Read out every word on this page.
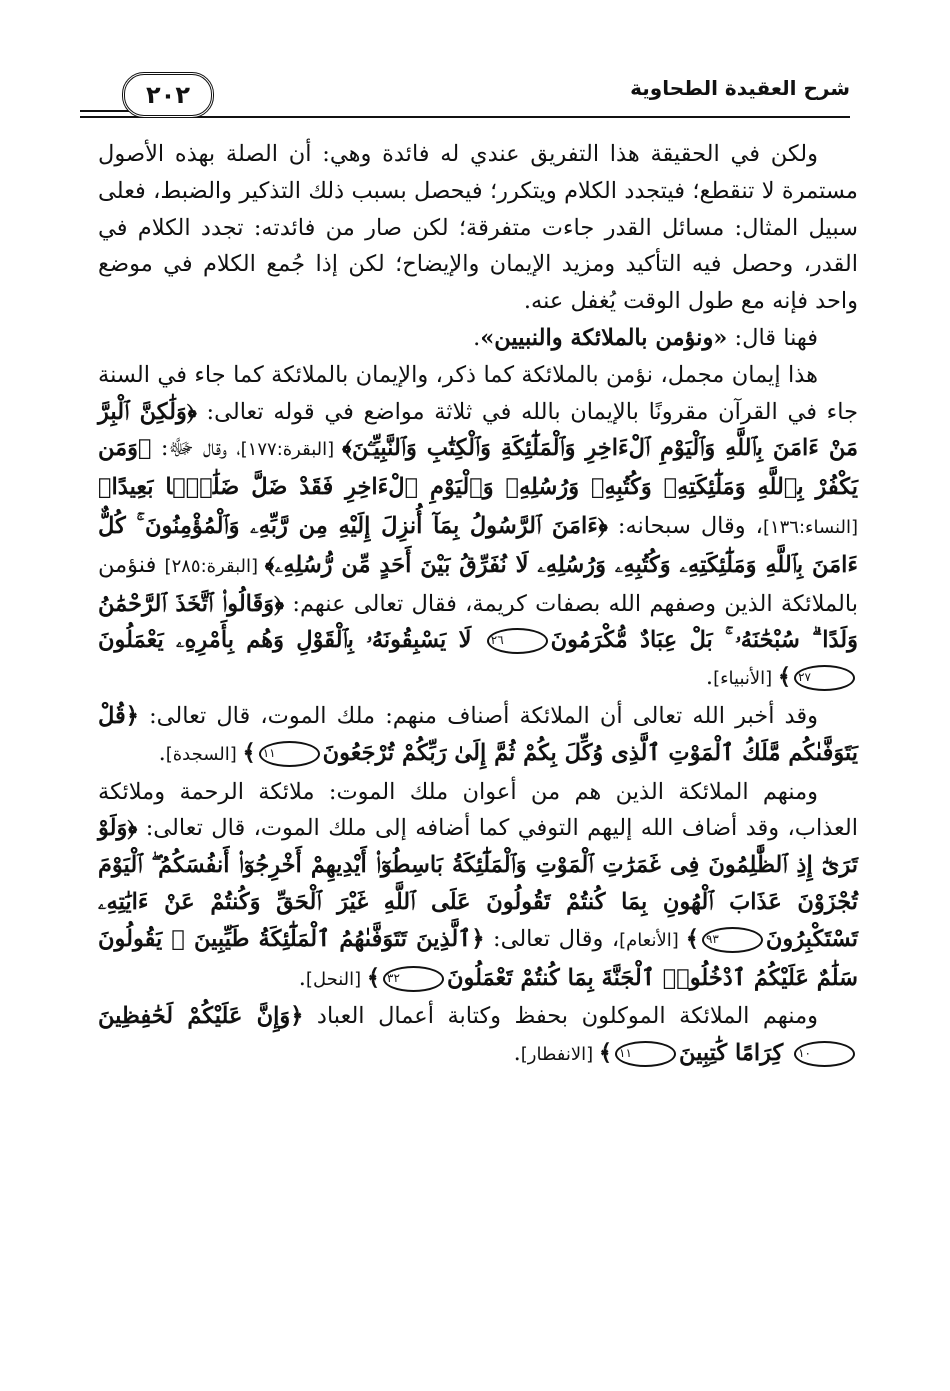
شرح العقيدة الطحاوية
٢٠٢

ولكن في الحقيقة هذا التفريق عندي له فائدة وهي: أن الصلة بهذه الأصول مستمرة لا تنقطع؛ فيتجدد الكلام ويتكرر؛ فيحصل بسبب ذلك التذكير والضبط، فعلى سبيل المثال: مسائل القدر جاءت متفرقة؛ لكن صار من فائدته: تجدد الكلام في القدر، وحصل فيه التأكيد ومزيد الإيمان والإيضاح؛ لكن إذا جُمع الكلام في موضع واحد فإنه مع طول الوقت يُغفل عنه.

فهنا قال: «ونؤمن بالملائكة والنبيين».

هذا إيمان مجمل، نؤمن بالملائكة كما ذكر، والإيمان بالملائكة كما جاء في السنة جاء في القرآن مقرونًا بالإيمان بالله في ثلاثة مواضع في قوله تعالى: ﴿وَلَٰكِنَّ ٱلْبِرَّ مَنْ ءَامَنَ بِٱللَّهِ وَٱلْيَوْمِ ٱلْءَاخِرِ وَٱلْمَلَٰٓئِكَةِ وَٱلْكِتَٰبِ وَٱلنَّبِيِّـۧنَ﴾ [البقرة:١٧٧]، وقال ﷻ: ﴿وَمَن يَكْفُرْ بِٱللَّهِ وَمَلَٰٓئِكَتِهِۦ وَكُتُبِهِۦ وَرُسُلِهِۦ وَٱلْيَوْمِ ٱلْءَاخِرِ فَقَدْ ضَلَّ ضَلَٰلًۢا بَعِيدًا﴾ [النساء:١٣٦]، وقال سبحانه: ﴿ءَامَنَ ٱلرَّسُولُ بِمَآ أُنزِلَ إِلَيْهِ مِن رَّبِّهِۦ وَٱلْمُؤْمِنُونَ ۚ كُلٌّ ءَامَنَ بِٱللَّهِ وَمَلَٰٓئِكَتِهِۦ وَكُتُبِهِۦ وَرُسُلِهِۦ لَا نُفَرِّقُ بَيْنَ أَحَدٍ مِّن رُّسُلِهِۦ﴾ [البقرة:٢٨٥] فنؤمن بالملائكة الذين وصفهم الله بصفات كريمة، فقال تعالى عنهم: ﴿وَقَالُوا۟ ٱتَّخَذَ ٱلرَّحْمَٰنُ وَلَدًا ۗ سُبْحَٰنَهُۥ ۚ بَلْ عِبَادٌ مُّكْرَمُونَ٢٦ لَا يَسْبِقُونَهُۥ بِٱلْقَوْلِ وَهُم بِأَمْرِهِۦ يَعْمَلُونَ٢٧﴾ [الأنبياء].

وقد أخبر الله تعالى أن الملائكة أصناف منهم: ملك الموت، قال تعالى: ﴿قُلْ يَتَوَفَّىٰكُم مَّلَكُ ٱلْمَوْتِ ٱلَّذِى وُكِّلَ بِكُمْ ثُمَّ إِلَىٰ رَبِّكُمْ تُرْجَعُونَ١١﴾ [السجدة].

ومنهم الملائكة الذين هم من أعوان ملك الموت: ملائكة الرحمة وملائكة العذاب، وقد أضاف الله إليهم التوفي كما أضافه إلى ملك الموت، قال تعالى: ﴿وَلَوْ تَرَىٰٓ إِذِ ٱلظَّٰلِمُونَ فِى غَمَرَٰتِ ٱلْمَوْتِ وَٱلْمَلَٰٓئِكَةُ بَاسِطُوٓا۟ أَيْدِيهِمْ أَخْرِجُوٓا۟ أَنفُسَكُمُ ۖ ٱلْيَوْمَ تُجْزَوْنَ عَذَابَ ٱلْهُونِ بِمَا كُنتُمْ تَقُولُونَ عَلَى ٱللَّهِ غَيْرَ ٱلْحَقِّ وَكُنتُمْ عَنْ ءَايَٰتِهِۦ تَسْتَكْبِرُونَ٩٣﴾ [الأنعام]، وقال تعالى: ﴿ٱلَّذِينَ تَتَوَفَّىٰهُمُ ٱلْمَلَٰٓئِكَةُ طَيِّبِينَ ۙ يَقُولُونَ سَلَٰمٌ عَلَيْكُمُ ٱدْخُلُوا۟ ٱلْجَنَّةَ بِمَا كُنتُمْ تَعْمَلُونَ٣٢﴾ [النحل].

ومنهم الملائكة الموكلون بحفظ وكتابة أعمال العباد ﴿وَإِنَّ عَلَيْكُمْ لَحَٰفِظِينَ١٠ كِرَامًا كَٰتِبِينَ١١﴾ [الانفطار].
